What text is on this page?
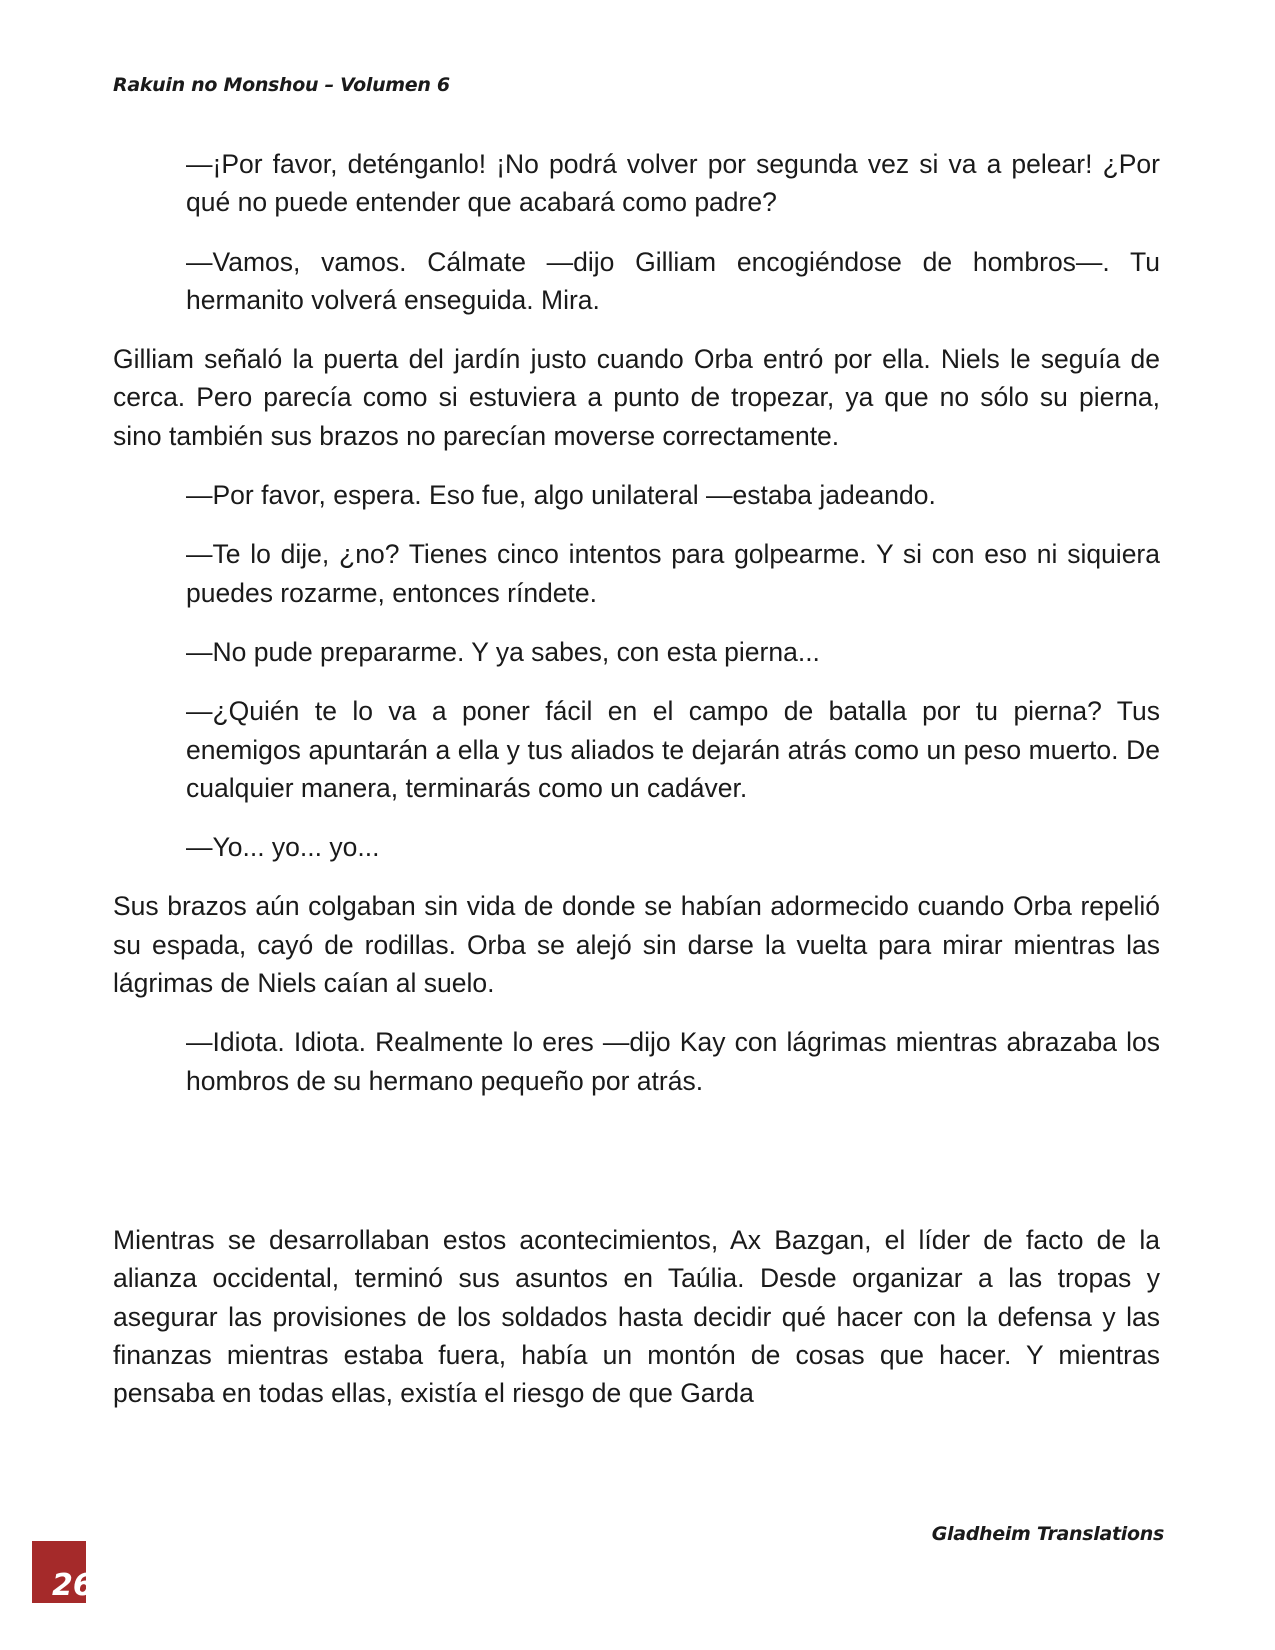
Rakuin no Monshou – Volumen 6

—¡Por favor, deténganlo! ¡No podrá volver por segunda vez si va a pelear! ¿Por qué no puede entender que acabará como padre?

—Vamos, vamos. Cálmate —dijo Gilliam encogiéndose de hombros—. Tu hermanito volverá enseguida. Mira.

Gilliam señaló la puerta del jardín justo cuando Orba entró por ella. Niels le seguía de cerca. Pero parecía como si estuviera a punto de tropezar, ya que no sólo su pierna, sino también sus brazos no parecían moverse correctamente.

—Por favor, espera. Eso fue, algo unilateral —estaba jadeando.

—Te lo dije, ¿no? Tienes cinco intentos para golpearme. Y si con eso ni siquiera puedes rozarme, entonces ríndete.

—No pude prepararme. Y ya sabes, con esta pierna...

—¿Quién te lo va a poner fácil en el campo de batalla por tu pierna? Tus enemigos apuntarán a ella y tus aliados te dejarán atrás como un peso muerto. De cualquier manera, terminarás como un cadáver.

—Yo... yo... yo...

Sus brazos aún colgaban sin vida de donde se habían adormecido cuando Orba repelió su espada, cayó de rodillas. Orba se alejó sin darse la vuelta para mirar mientras las lágrimas de Niels caían al suelo.

—Idiota. Idiota. Realmente lo eres —dijo Kay con lágrimas mientras abrazaba los hombros de su hermano pequeño por atrás.

Mientras se desarrollaban estos acontecimientos, Ax Bazgan, el líder de facto de la alianza occidental, terminó sus asuntos en Taúlia. Desde organizar a las tropas y asegurar las provisiones de los soldados hasta decidir qué hacer con la defensa y las finanzas mientras estaba fuera, había un montón de cosas que hacer. Y mientras pensaba en todas ellas, existía el riesgo de que Garda

Gladheim Translations
26
